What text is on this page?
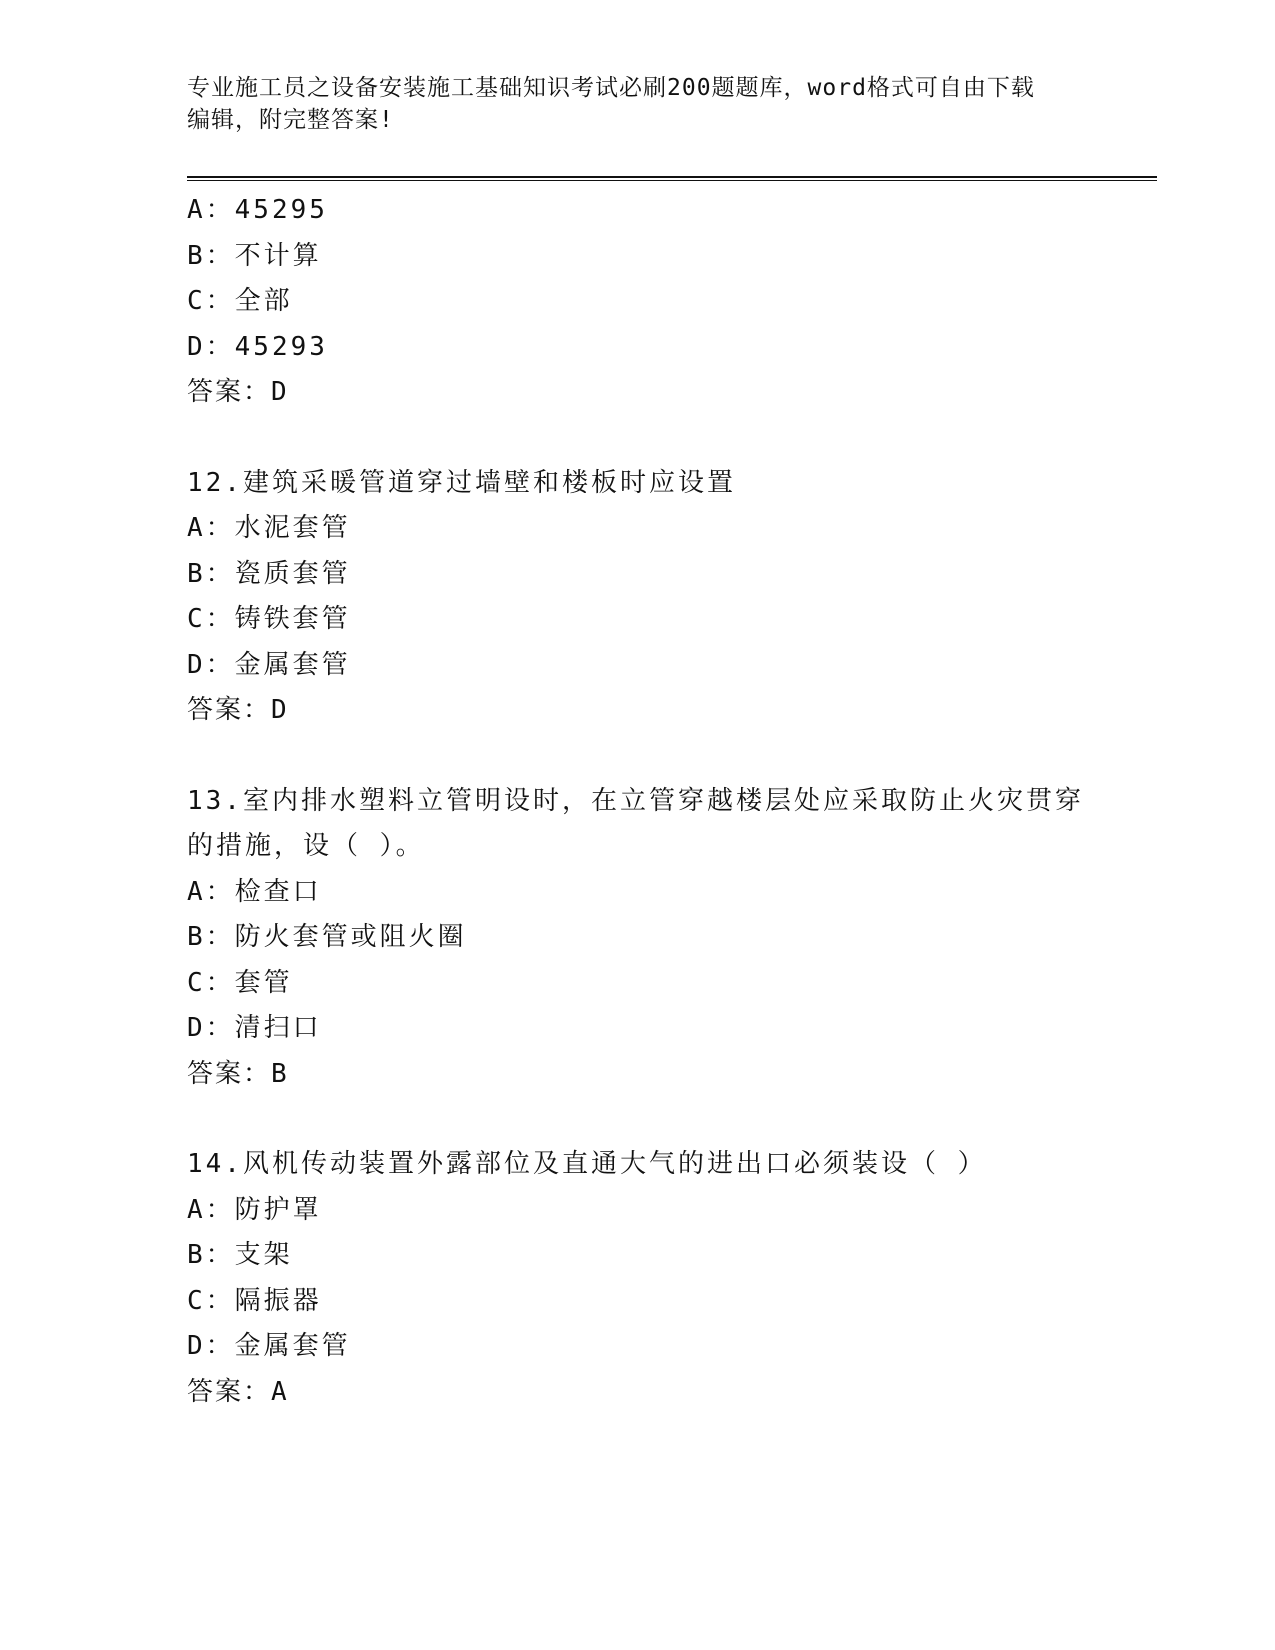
专业施工员之设备安装施工基础知识考试必刷200题题库，word格式可自由下载
编辑，附完整答案!
A：45295
B：不计算
C：全部
D：45293
答案：D
12.建筑采暖管道穿过墙壁和楼板时应设置
A：水泥套管
B：瓷质套管
C：铸铁套管
D：金属套管
答案：D
13.室内排水塑料立管明设时，在立管穿越楼层处应采取防止火灾贯穿
的措施，设（ ）。
A：检查口
B：防火套管或阻火圈
C：套管
D：清扫口
答案：B
14.风机传动装置外露部位及直通大气的进出口必须装设（ ）
A：防护罩
B：支架
C：隔振器
D：金属套管
答案：A
